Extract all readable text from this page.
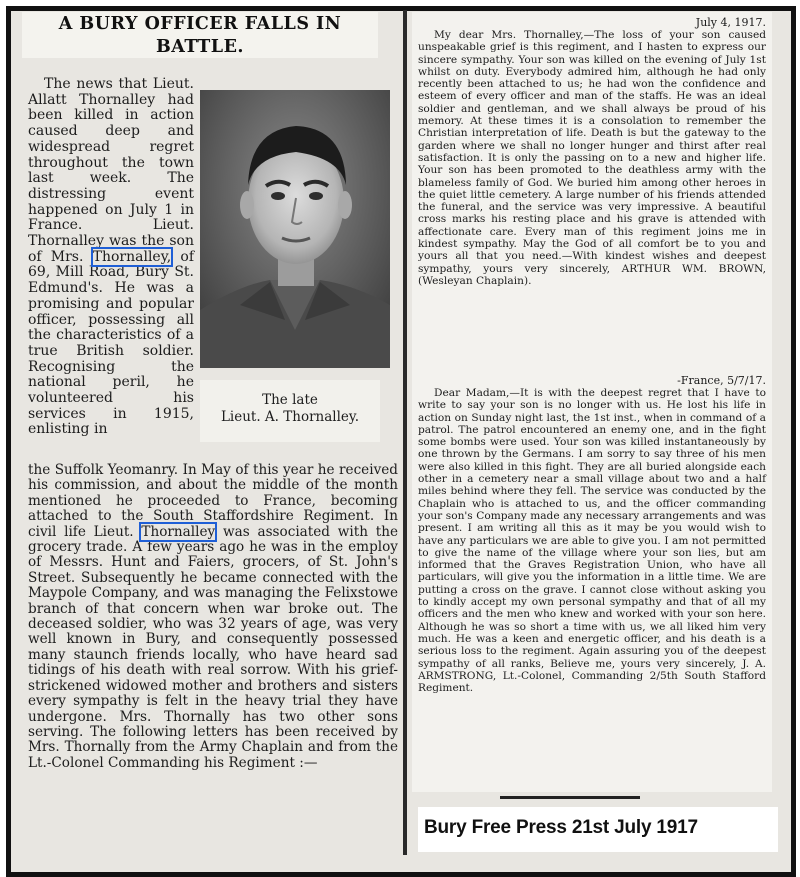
A BURY OFFICER FALLS IN
BATTLE.

The news that Lieut. Allatt Thornalley had been killed in action caused deep and widespread regret throughout the town last week. The distressing event happened on July 1 in France. Lieut. Thornalley was the son of Mrs. Thornalley, of 69, Mill Road, Bury St. Edmund's. He was a promising and popular officer, possessing all the characteristics of a true British soldier. Recognising the national peril, he volunteered his services in 1915, enlisting in

The late
Lieut. A. Thornalley.

the Suffolk Yeomanry. In May of this year he received his commission, and about the middle of the month mentioned he proceeded to France, becoming attached to the South Staffordshire Regiment. In civil life Lieut. Thornalley was associated with the grocery trade. A few years ago he was in the employ of Messrs. Hunt and Faiers, grocers, of St. John's Street. Subsequently he became connected with the Maypole Company, and was managing the Felixstowe branch of that concern when war broke out. The deceased soldier, who was 32 years of age, was very well known in Bury, and consequently possessed many staunch friends locally, who have heard sad tidings of his death with real sorrow. With his grief-strickened widowed mother and brothers and sisters every sympathy is felt in the heavy trial they have undergone. Mrs. Thornally has two other sons serving. The following letters has been received by Mrs. Thornally from the Army Chaplain and from the Lt.-Colonel Commanding his Regiment :—

July 4, 1917.

My dear Mrs. Thornalley,—The loss of your son caused unspeakable grief is this regiment, and I hasten to express our sincere sympathy. Your son was killed on the evening of July 1st whilst on duty. Everybody admired him, although he had only recently been attached to us; he had won the confidence and esteem of every officer and man of the staffs. He was an ideal soldier and gentleman, and we shall always be proud of his memory. At these times it is a consolation to remember the Christian interpretation of life. Death is but the gateway to the garden where we shall no longer hunger and thirst after real satisfaction. It is only the passing on to a new and higher life. Your son has been promoted to the deathless army with the blameless family of God. We buried him among other heroes in the quiet little cemetery. A large number of his friends attended the funeral, and the service was very impressive. A beautiful cross marks his resting place and his grave is attended with affectionate care. Every man of this regiment joins me in kindest sympathy. May the God of all comfort be to you and yours all that you need.—With kindest wishes and deepest sympathy, yours very sincerely, ARTHUR WM. BROWN, (Wesleyan Chaplain).

-France, 5/7/17.

Dear Madam,—It is with the deepest regret that I have to write to say your son is no longer with us. He lost his life in action on Sunday night last, the 1st inst., when in command of a patrol. The patrol encountered an enemy one, and in the fight some bombs were used. Your son was killed instantaneously by one thrown by the Germans. I am sorry to say three of his men were also killed in this fight. They are all buried alongside each other in a cemetery near a small village about two and a half miles behind where they fell. The service was conducted by the Chaplain who is attached to us, and the officer commanding your son's Company made any necessary arrangements and was present. I am writing all this as it may be you would wish to have any particulars we are able to give you. I am not permitted to give the name of the village where your son lies, but am informed that the Graves Registration Union, who have all particulars, will give you the information in a little time. We are putting a cross on the grave. I cannot close without asking you to kindly accept my own personal sympathy and that of all my officers and the men who knew and worked with your son here. Although he was so short a time with us, we all liked him very much. He was a keen and energetic officer, and his death is a serious loss to the regiment. Again assuring you of the deepest sympathy of all ranks, Believe me, yours very sincerely, J. A. ARMSTRONG, Lt.-Colonel, Commanding 2/5th South Stafford Regiment.

Bury Free Press 21st July 1917
